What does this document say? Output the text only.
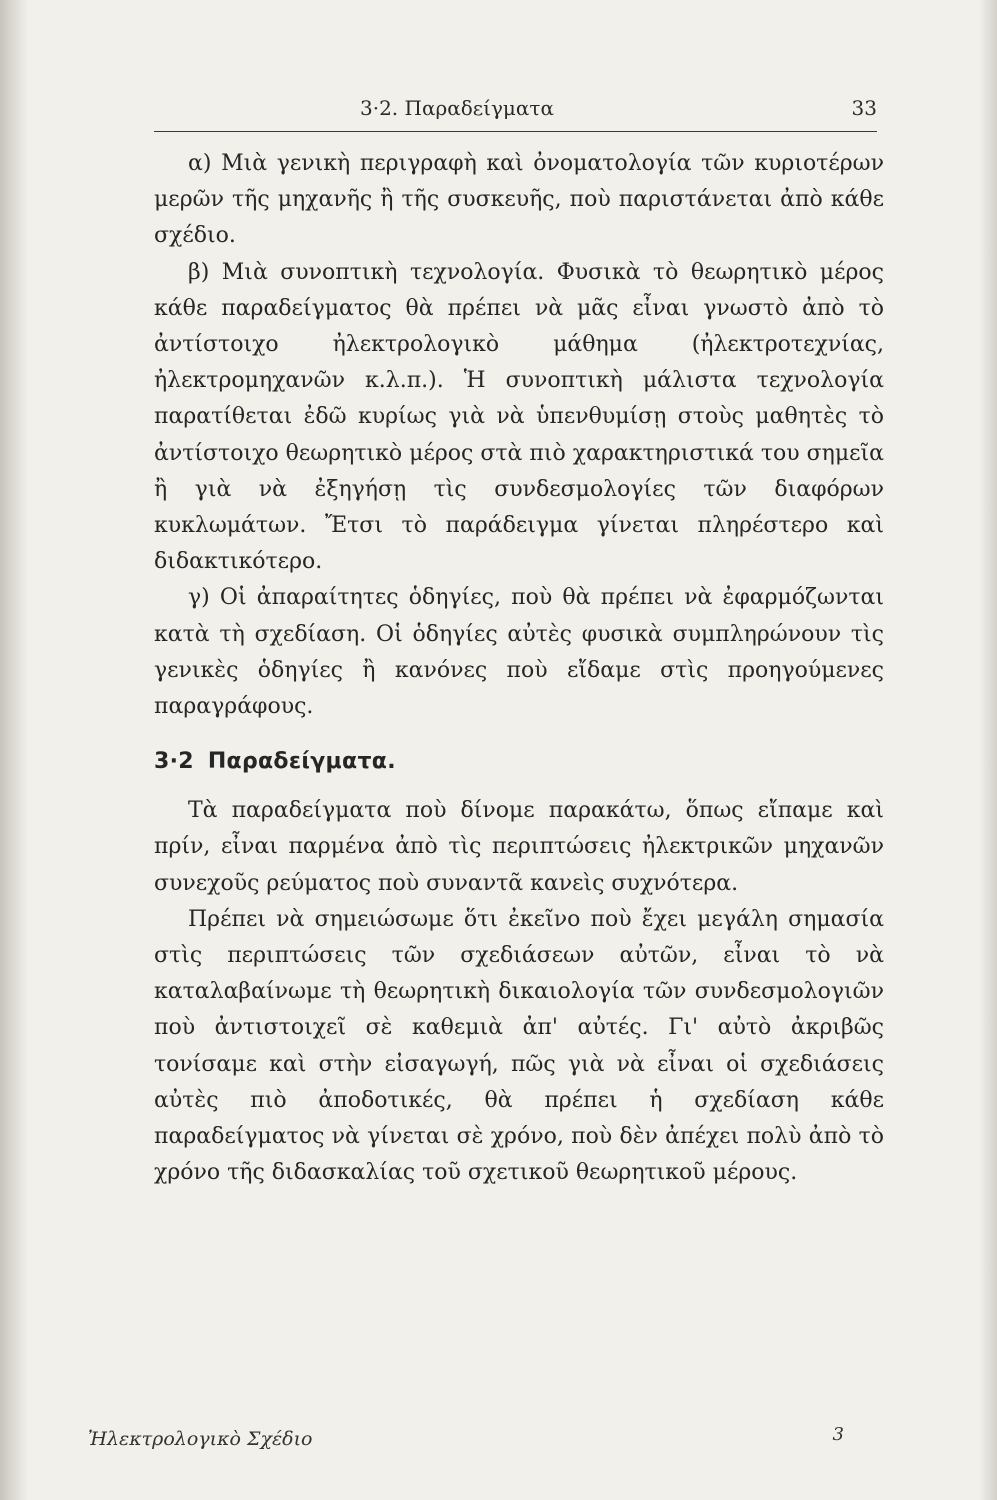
3·2. Παραδείγματα	33

α) Μιὰ γενικὴ περιγραφὴ καὶ ὀνοματολογία τῶν κυριοτέρων μερῶν τῆς μηχανῆς ἢ τῆς συσκευῆς, ποὺ παριστάνεται ἀπὸ κάθε σχέδιο.

β) Μιὰ συνοπτικὴ τεχνολογία. Φυσικὰ τὸ θεωρητικὸ μέρος κάθε παραδείγματος θὰ πρέπει νὰ μᾶς εἶναι γνωστὸ ἀπὸ τὸ ἀντίστοιχο ἠλεκτρολογικὸ μάθημα (ἠλεκτροτεχνίας, ἠλεκτρομηχανῶν κ.λ.π.). Ἡ συνοπτικὴ μάλιστα τεχνολογία παρατίθεται ἐδῶ κυρίως γιὰ νὰ ὑπενθυμίσῃ στοὺς μαθητὲς τὸ ἀντίστοιχο θεωρητικὸ μέρος στὰ πιὸ χαρακτηριστικά του σημεῖα ἢ γιὰ νὰ ἐξηγήσῃ τὶς συνδεσμολογίες τῶν διαφόρων κυκλωμάτων. Ἔτσι τὸ παράδειγμα γίνεται πληρέστερο καὶ διδακτικότερο.

γ) Οἱ ἀπαραίτητες ὁδηγίες, ποὺ θὰ πρέπει νὰ ἐφαρμόζωνται κατὰ τὴ σχεδίαση. Οἱ ὁδηγίες αὐτὲς φυσικὰ συμπληρώνουν τὶς γενικὲς ὁδηγίες ἢ κανόνες ποὺ εἴδαμε στὶς προηγούμενες παραγράφους.

3·2 Παραδείγματα.

Τὰ παραδείγματα ποὺ δίνομε παρακάτω, ὅπως εἴπαμε καὶ πρίν, εἶναι παρμένα ἀπὸ τὶς περιπτώσεις ἠλεκτρικῶν μηχανῶν συνεχοῦς ρεύματος ποὺ συναντᾶ κανεὶς συχνότερα.

Πρέπει νὰ σημειώσωμε ὅτι ἐκεῖνο ποὺ ἔχει μεγάλη σημασία στὶς περιπτώσεις τῶν σχεδιάσεων αὐτῶν, εἶναι τὸ νὰ καταλαβαίνωμε τὴ θεωρητικὴ δικαιολογία τῶν συνδεσμολογιῶν ποὺ ἀντιστοιχεῖ σὲ καθεμιὰ ἀπ' αὐτές. Γι' αὐτὸ ἀκριβῶς τονίσαμε καὶ στὴν εἰσαγωγή, πῶς γιὰ νὰ εἶναι οἱ σχεδιάσεις αὐτὲς πιὸ ἀποδοτικές, θὰ πρέπει ἡ σχεδίαση κάθε παραδείγματος νὰ γίνεται σὲ χρόνο, ποὺ δὲν ἀπέχει πολὺ ἀπὸ τὸ χρόνο τῆς διδασκαλίας τοῦ σχετικοῦ θεωρητικοῦ μέρους.

Ἠλεκτρολογικὸ Σχέδιο	3
